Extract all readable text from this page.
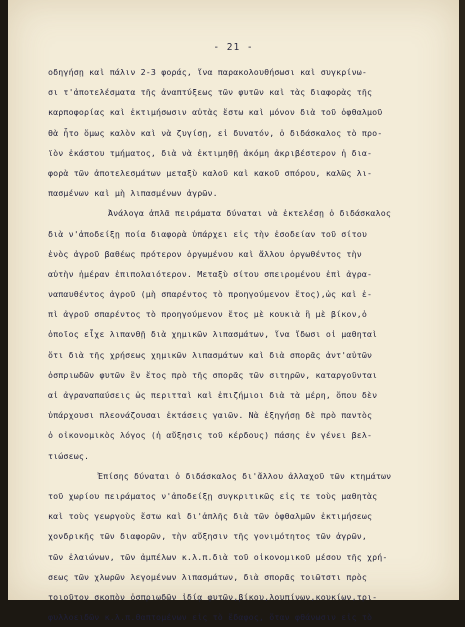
- 21 -
οδηγήσῃ καὶ πάλιν 2-3 φοράς, ἵνα παρακολουθήσωσι καὶ συγκρίνω-
σι τ'ἀποτελέσματα τῆς ἀναπτύξεως τῶν φυτῶν καὶ τὰς διαφορὰς τῆς
καρποφορίας καὶ ἐκτιμήσωσιν αὐτὰς ἔστω καὶ μόνον διὰ τοῦ ὀφθαλμοῦ
θὰ ἦτο ὅμως καλὸν καὶ νὰ ζυγίσῃ, εἰ δυνατόν, ὁ διδάσκαλος τὸ προ-
ϊὸν ἑκάστου τμήματος, διὰ νὰ ἐκτιμηθῇ ἀκόμη ἀκριβέστερον ἡ δια-
φορὰ τῶν ἀποτελεσμάτων μεταξὺ καλοῦ καὶ κακοῦ σπόρου, καλῶς λι-
πασμένων καὶ μὴ λιπασμένων ἀγρῶν.
Ἀνάλογα ἁπλᾶ πειράματα δύναται νὰ ἐκτελέσῃ ὁ διδάσκαλος
διὰ ν'ἀποδείξῃ ποία διαφορὰ ὑπάρχει εἰς τὴν ἐσοδείαν τοῦ σίτου
ἑνὸς ἀγροῦ βαθέως πρότερον ὀργωμένου καὶ ἄλλου ὀργωθέντος τὴν
αὐτὴν ἡμέραν ἐπιπολαιότερον. Μεταξὺ σίτου σπειρομένου ἐπὶ ἀγρα-
ναπαυθέντος ἀγροῦ (μὴ σπαρέντος τὸ προηγούμενον ἔτος),ὡς καὶ ἐ-
πὶ ἀγροῦ σπαρέντος τὸ προηγούμενον ἔτος μὲ κουκιὰ ἢ μὲ βίκον,ὁ
ὁποῖος εἶχε λιπανθῇ διὰ χημικῶν λιπασμάτων, ἵνα ἴδωσι οἱ μαθηταὶ
ὅτι διὰ τῆς χρήσεως χημικῶν λιπασμάτων καὶ διὰ σπορᾶς ἀντ'αὐτῶν
ὀσπριωδῶν φυτῶν ἓν ἔτος πρὸ τῆς σπορᾶς τῶν σιτηρῶν, καταργοῦνται
αἱ ἀγραναπαύσεις ὡς περιτταὶ καὶ ἐπιζήμιοι διὰ τὰ μέρη, ὅπου δὲν
ὑπάρχουσι πλεονάζουσαι ἐκτάσεις γαιῶν. Νὰ ἐξηγήσῃ δὲ πρὸ παντὸς
ὁ οἰκονομικὸς λόγος (ἡ αὔξησις τοῦ κέρδους) πάσης ἐν γένει βελ-
τιώσεως.
Ἐπίσης δύναται ὁ διδάσκαλος δι'ἄλλου ἀλλαχοῦ τῶν κτημάτων
τοῦ χωρίου πειράματος ν'ἀποδείξῃ συγκριτικῶς εἰς τε τοὺς μαθητὰς
καὶ τοὺς γεωργοὺς ἔστω καὶ δι'ἁπλῆς διὰ τῶν ὀφθαλμῶν ἐκτιμήσεως
χονδρικῆς τῶν διαφορῶν, τὴν αὔξησιν τῆς γονιμότητος τῶν ἀγρῶν,
τῶν ἐλαιώνων, τῶν ἀμπέλων κ.λ.π.διὰ τοῦ οἰκονομικοῦ μέσου τῆς χρή-
σεως τῶν χλωρῶν λεγομένων λιπασμάτων, διὰ σπορᾶς τοιῶτστι πρὸς
τοιοῦτον σκοπὸν ὀσπριωδῶν ἰδίᾳ φυτῶν,βίκου,λουπίνων,κουκίων,τρι-
φυλλοειδῶν κ.λ.π.θαπτομένων εἰς τὸ ἔδαφος, ὅταν φθάνωσιν εἰς τὸ
